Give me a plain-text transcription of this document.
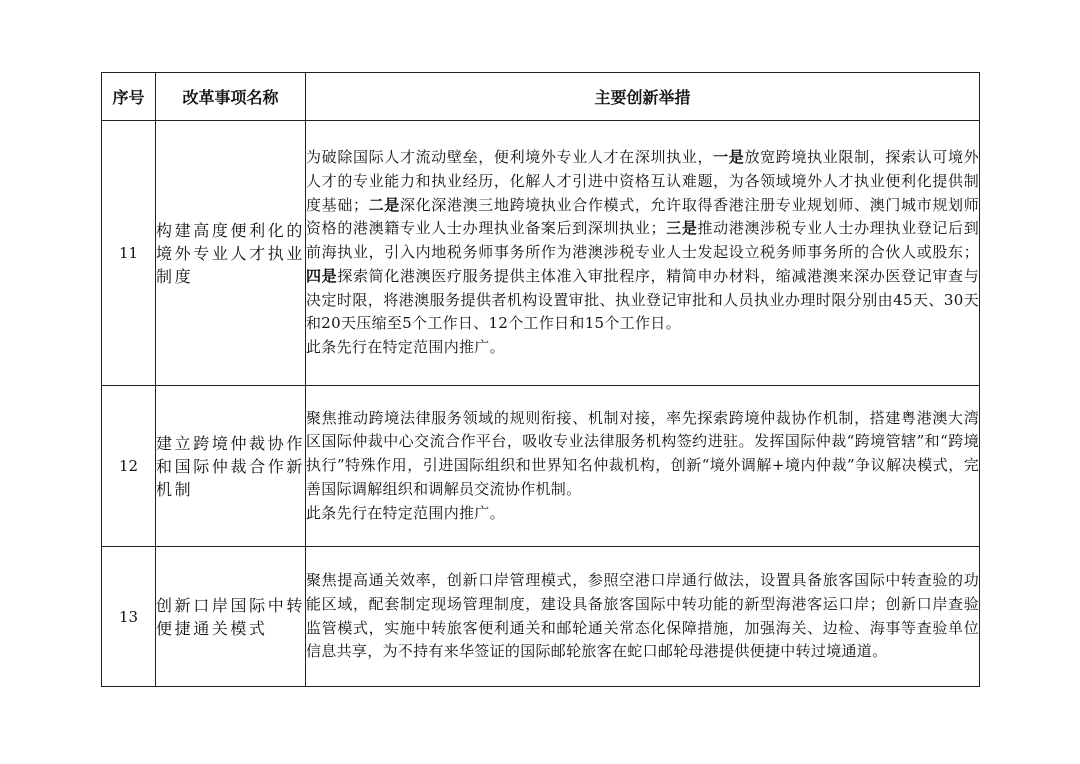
序号	改革事项名称	主要创新举措
11	构建高度便利化的境外专业人才执业制度	为破除国际人才流动壁垒，便利境外专业人才在深圳执业，一是放宽跨境执业限制，探索认可境外人才的专业能力和执业经历，化解人才引进中资格互认难题，为各领域境外人才执业便利化提供制度基础；二是深化深港澳三地跨境执业合作模式，允许取得香港注册专业规划师、澳门城市规划师资格的港澳籍专业人士办理执业备案后到深圳执业；三是推动港澳涉税专业人士办理执业登记后到前海执业，引入内地税务师事务所作为港澳涉税专业人士发起设立税务师事务所的合伙人或股东；四是探索简化港澳医疗服务提供主体准入审批程序，精简申办材料，缩减港澳来深办医登记审查与决定时限，将港澳服务提供者机构设置审批、执业登记审批和人员执业办理时限分别由45天、30天和20天压缩至5个工作日、12个工作日和15个工作日。
此条先行在特定范围内推广。

12	建立跨境仲裁协作和国际仲裁合作新机制	聚焦推动跨境法律服务领域的规则衔接、机制对接，率先探索跨境仲裁协作机制，搭建粤港澳大湾区国际仲裁中心交流合作平台，吸收专业法律服务机构签约进驻。发挥国际仲裁“跨境管辖”和“跨境执行”特殊作用，引进国际组织和世界知名仲裁机构，创新“境外调解+境内仲裁”争议解决模式，完善国际调解组织和调解员交流协作机制。
此条先行在特定范围内推广。

13	创新口岸国际中转便捷通关模式	聚焦提高通关效率，创新口岸管理模式，参照空港口岸通行做法，设置具备旅客国际中转查验的功能区域，配套制定现场管理制度，建设具备旅客国际中转功能的新型海港客运口岸；创新口岸查验监管模式，实施中转旅客便利通关和邮轮通关常态化保障措施，加强海关、边检、海事等查验单位信息共享，为不持有来华签证的国际邮轮旅客在蛇口邮轮母港提供便捷中转过境通道。
